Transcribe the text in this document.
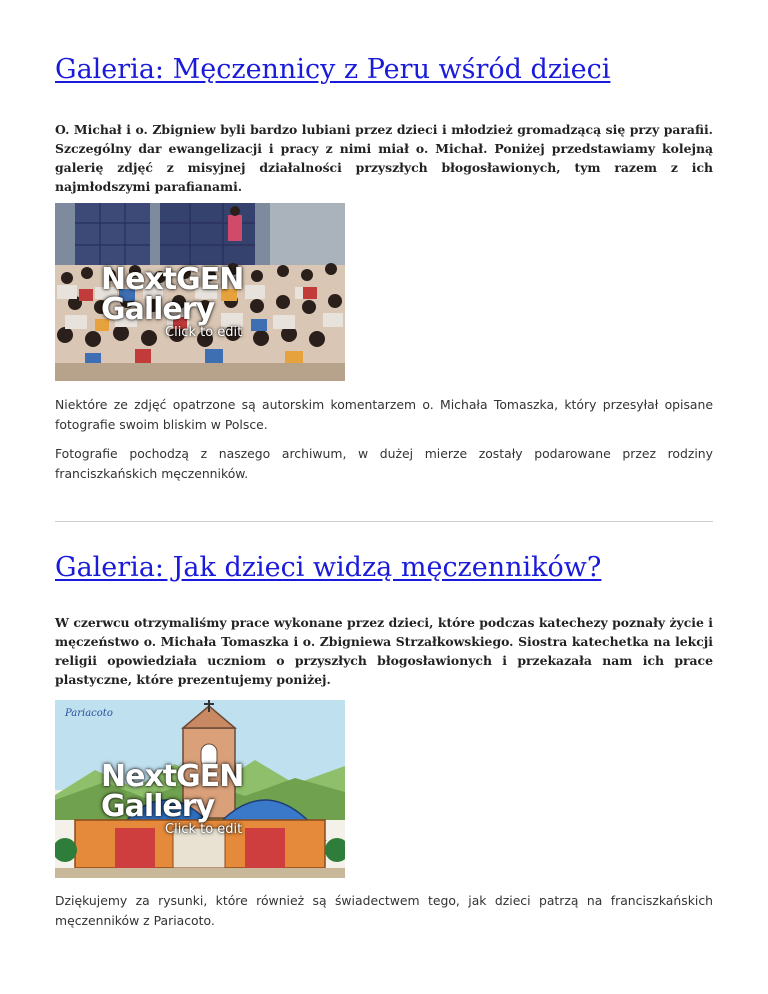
Galeria: Męczennicy z Peru wśród dzieci

O. Michał i o. Zbigniew byli bardzo lubiani przez dzieci i młodzież gromadzącą się przy parafii. Szczególny dar ewangelizacji i pracy z nimi miał o. Michał. Poniżej przedstawiamy kolejną galerię zdjęć z misyjnej działalności przyszłych błogosławionych, tym razem z ich najmłodszymi parafianami.

NextGEN Gallery
Click to edit

Niektóre ze zdjęć opatrzone są autorskim komentarzem o. Michała Tomaszka, który przesyłał opisane fotografie swoim bliskim w Polsce.

Fotografie pochodzą z naszego archiwum, w dużej mierze zostały podarowane przez rodziny franciszkańskich męczenników.

Galeria: Jak dzieci widzą męczenników?

W czerwcu otrzymaliśmy prace wykonane przez dzieci, które podczas katechezy poznały życie i męczeństwo o. Michała Tomaszka i o. Zbigniewa Strzałkowskiego. Siostra katechetka na lekcji religii opowiedziała uczniom o przyszłych błogosławionych i przekazała nam ich prace plastyczne, które prezentujemy poniżej.

Pariacoto
NextGEN Gallery
Click to edit

Dziękujemy za rysunki, które również są świadectwem tego, jak dzieci patrzą na franciszkańskich męczenników z Pariacoto.
